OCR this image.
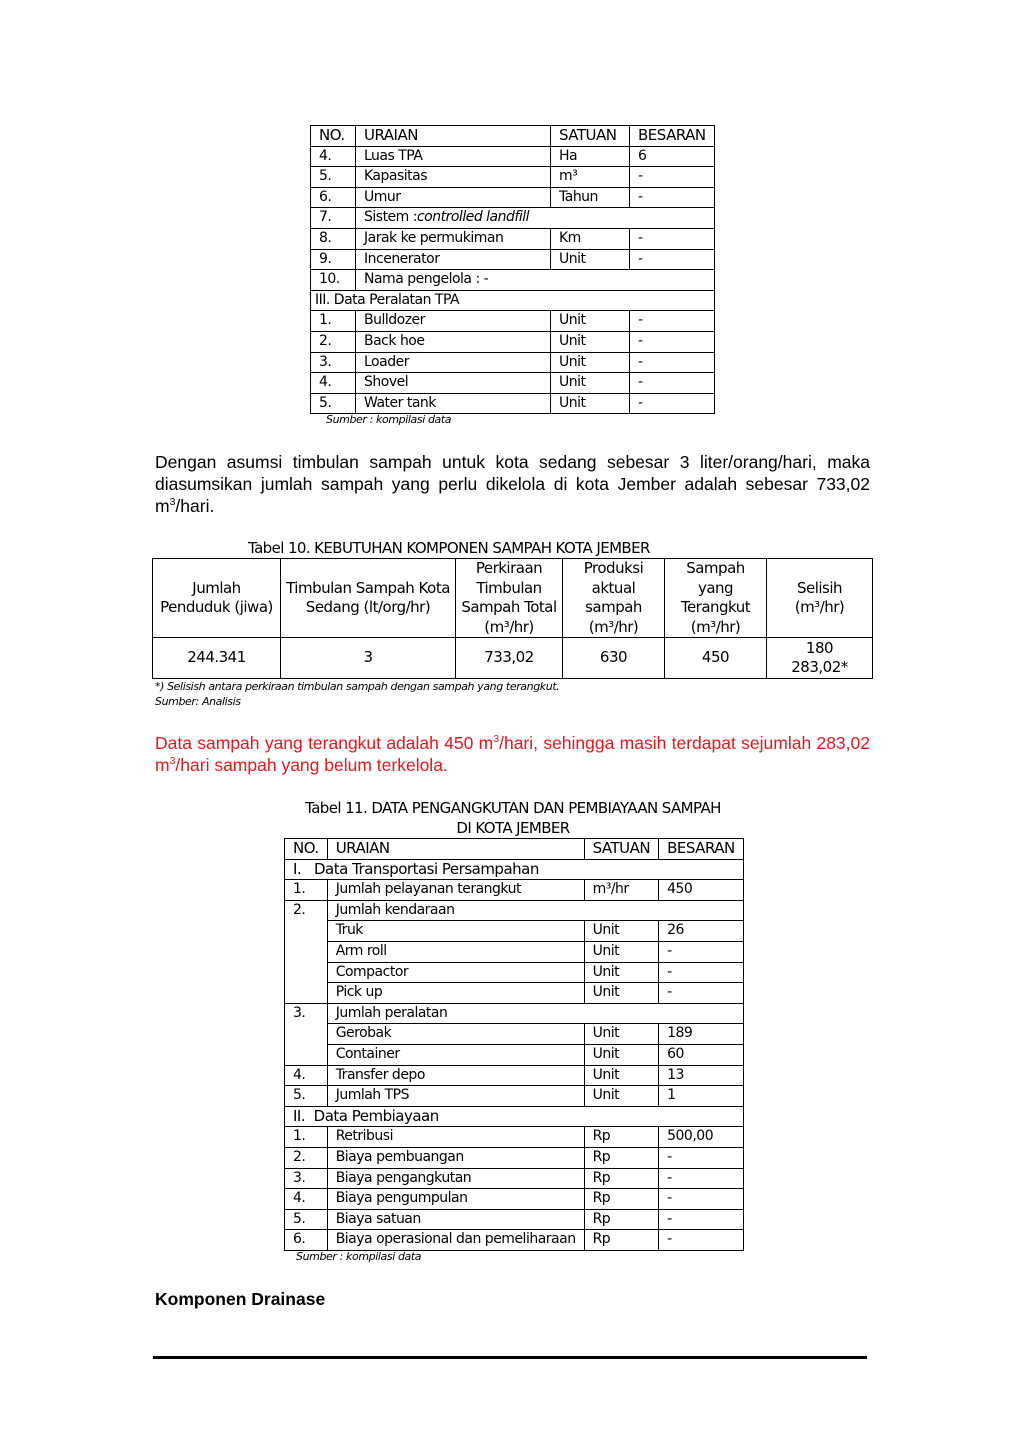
NO.	URAIAN	SATUAN	BESARAN
4.	Luas TPA	Ha	6
5.	Kapasitas	m³	-
6.	Umur	Tahun	-
7.	Sistem :controlled landfill		
8.	Jarak ke permukiman	Km	-
9.	Incenerator	Unit	-
10.	Nama pengelola : -		
III. Data Peralatan TPA			
1.	Bulldozer	Unit	-
2.	Back hoe	Unit	-
3.	Loader	Unit	-
4.	Shovel	Unit	-
5.	Water tank	Unit	-
Sumber : kompilasi data
Dengan asumsi timbulan sampah untuk kota sedang sebesar 3 liter/orang/hari, maka diasumsikan jumlah sampah yang perlu dikelola di kota Jember adalah sebesar 733,02 $m^3$/hari.
Tabel 10. KEBUTUHAN KOMPONEN SAMPAH KOTA JEMBER
Jumlah Penduduk (jiwa)	Timbulan Sampah Kota Sedang (lt/org/hr)	Perkiraan Timbulan Sampah Total (m³/hr)	Produksi aktual sampah (m³/hr)	Sampah yang Terangkut (m³/hr)	Selisih (m³/hr)
244.341	3	733,02	630	450	180
283,02*
*) Selisish antara perkiraan timbulan sampah dengan sampah yang terangkut.
Sumber: Analisis
Data sampah yang terangkut adalah 450 $m^3$/hari, sehingga masih terdapat sejumlah 283,02 $m^3$/hari sampah yang belum terkelola.
Tabel 11. DATA PENGANGKUTAN DAN PEMBIAYAAN SAMPAH
DI KOTA JEMBER
NO.	URAIAN	SATUAN	BESARAN
I.   Data Transportasi Persampahan			
1.	Jumlah pelayanan terangkut	m³/hr	450
2.	Jumlah kendaraan		
	Truk	Unit	26
	Arm roll	Unit	-
	Compactor	Unit	-
	Pick up	Unit	-
3.	Jumlah peralatan		
	Gerobak	Unit	189
	Container	Unit	60
4.	Transfer depo	Unit	13
5.	Jumlah TPS	Unit	1
II.  Data Pembiayaan			
1.	Retribusi	Rp	500,00
2.	Biaya pembuangan	Rp	-
3.	Biaya pengangkutan	Rp	-
4.	Biaya pengumpulan	Rp	-
5.	Biaya satuan	Rp	-
6.	Biaya operasional dan pemeliharaan	Rp	-
Sumber : kompilasi data
Komponen Drainase
